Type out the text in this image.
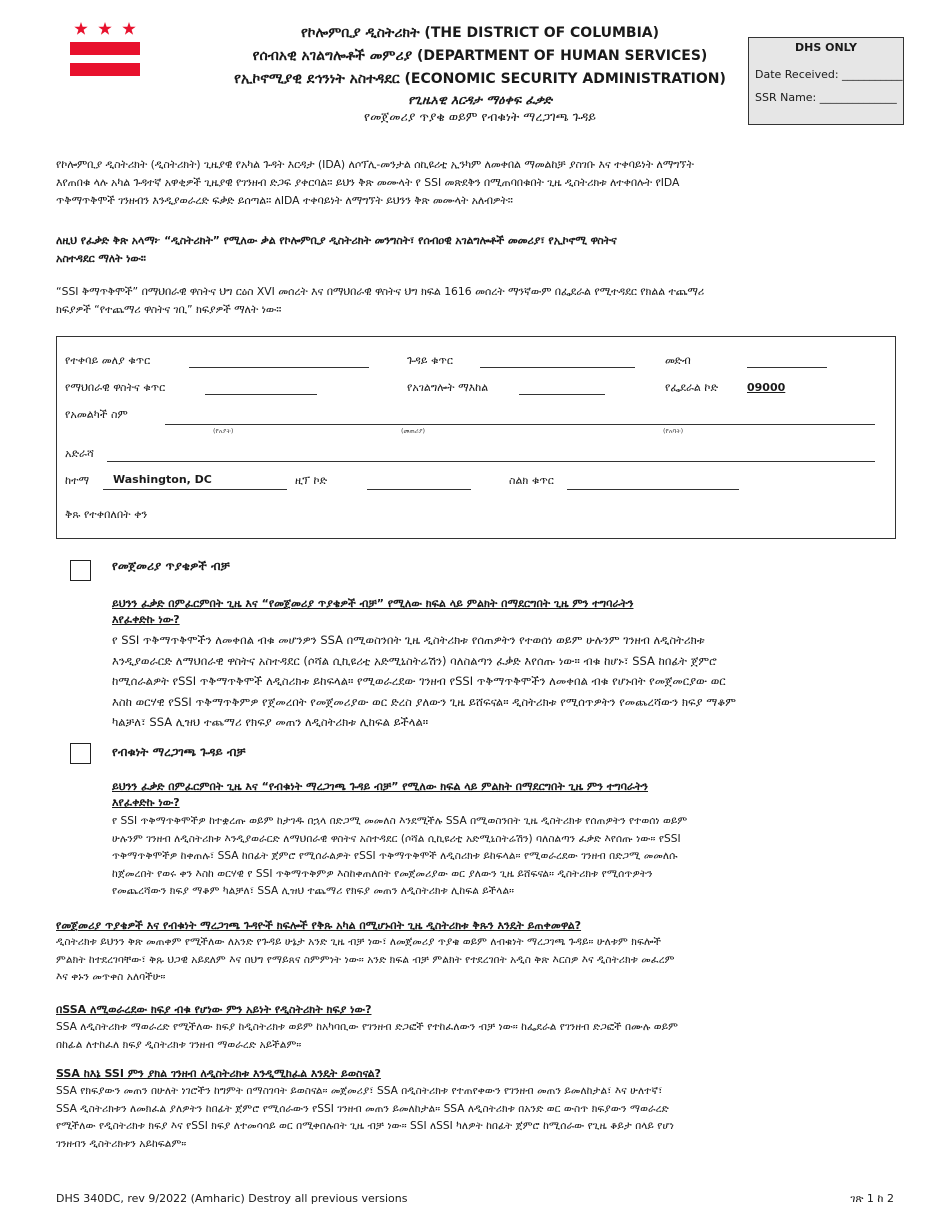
የኮሎምቢያ ዲስትሪክት (THE DISTRICT OF COLUMBIA)
የሰብአዊ አገልግሎቶች መምሪያ (DEPARTMENT OF HUMAN SERVICES)
የኢኮኖሚያዊ ደኅንነት አስተዳደር (ECONOMIC SECURITY ADMINISTRATION)
የጊዜአዊ እርዳታ ማዕቀፍ ፈቃድ
የመጀመሪያ ጥያቄ ወይም የብቁነት ማረጋገጫ ጉዳይ
DHS ONLY
Date Received: ___________
SSR Name: ______________
የኮሎምቢያ ዲስትሪክት (ዲስትሪክት) ጊዜያዊ የአካል ጉዳት እርዳታ (IDA) ለሶፕሊ-መንታል ሰኪዩሪቲ ኢንካም ለመቀበል ማመልከቻ ያስገቡ እና ተቀባይነት ለማግኘት
እየጠበቁ ላሉ አካል ጉዳተኛ አዋቂዎች ጊዜያዊ የገንዘብ ድጋፍ ያቀርባል። ይህን ቅጽ መሙላት የ SSI መጽደቅን በሚጠባበቁበት ጊዜ ዲስትሪክቱ ለተቀበሉት የIDA
ጥቅማጥቅሞች ገንዘብን እንዲያወራረድ ፍቃድ ይሰጣል። ለIDA ተቀባይነት ለማግኘት ይህንን ቅጽ መሙላት አለብዎት።
ለዚህ የፈቃድ ቅጽ አላማ፦ “ዲስትሪክት” የሚለው ቃል የኮሎምቢያ ዲስትሪክት መንግስት፣ የሰብዐዊ አገልግሎቶች መመሪያ፣ የኢኮኖሚ ዋስትና
አስተዳደር ማለት ነው።
“SSI ቅማጥቅሞች” በማህበራዊ ዋስትና ህግ ርዕስ XVI መሰረት እና በማህበራዊ ዋስትና ህግ ክፍል 1616 መሰረት ማንኛውም በፌደራል የሚተዳደር የክልል ተጨማሪ
ክፍያዎች “የተጨማሪ ዋስትና ገቢ” ክፍያዎች ማለት ነው።
የተቀባይ መለያ ቁጥር	ጉዳይ ቁጥር	መድብ
የማህበራዊ ዋስትና ቁጥር	የአገልግሎት ማእከል	የፌደራል ኮድ	09000
የአመልካች ስም
(የአያት)	(መጠሪያ)	(የአባት)
አድራሻ
ከተማ Washington, DC	ዚፕ ኮድ	ስልክ ቁጥር
ቅጹ የተቀበለበት ቀን
የመጀመሪያ ጥያቄዎች ብቻ
ይህንን ፈቃድ በምፈርምበት ጊዜ እና “የመጀመሪያ ጥያቄዎች ብቻ” የሚለው ክፍል ላይ ምልክት በማደርግበት ጊዜ ምን ተግባራትን
እየፈቀድኩ ነው?
የ SSI ጥቅማጥቅሞችን ለመቀበል ብቁ መሆንዎን SSA በሚወስንበት ጊዜ ዲስትሪክቱ የሰጠዎትን የተወሰነ ወይም ሁሉንም ገንዘብ ለዲስትሪክቱ
እንዲያወራርድ ለማህበራዊ ዋስትና አስተዳደር (ሶሻል ሲኪዩሪቲ አድሚኒስትሬሽን) ባለስልጣን ፈቃድ እየሰጡ ነው። ብቁ ከሆኑ፣ SSA ከበፊት ጀምሮ
ከሚሰራልዎት የSSI ጥቅማጥቅሞች ለዲስሪክቱ ይከፍላል። የሚወራረደው ገንዘብ የSSI ጥቅማጥቅሞችን ለመቀበል ብቁ የሆኑበት የመጀመርያው ወር
እስከ ወርሃዊ የSSI ጥቅማጥቅምዎ የጀመረበት የመጀመሪያው ወር ድረስ ያለውን ጊዜ ይሸፍናል። ዲስትሪክቱ የሚሰጥዎትን የመጨረሻውን ክፍያ ማቆም
ካልቻለ፣ SSA ሊዝህ ተጨማሪ የክፍያ መጠን ለዲስትሪክቱ ሊከፍል ይችላል።
የብቁነት ማረጋገጫ ጉዳይ ብቻ
ይህንን ፈቃድ በምፈርምበት ጊዜ እና “የብቁነት ማረጋገጫ ጉዳይ ብቻ” የሚለው ክፍል ላይ ምልክት በማደርግበት ጊዜ ምን ተግባራትን
እየፈቀድኩ ነው?
የ SSI ጥቅማጥቅሞችዎ ከተቋረጡ ወይም ከታገዱ በኋላ በድጋሚ መመለስ እንደሚችሉ SSA በሚወስንበት ጊዜ ዲስትሪክቱ የሰጠዎትን የተወሰነ ወይም
ሁሉንም ገንዘብ ለዲስትሪክቱ እንዲያወራርድ ለማህበራዊ ዋስትና አስተዳደር (ሶሻል ሲኪዩሪቲ አድሚኒስትሬሽን) ባለስልጣን ፈቃድ እየሰጡ ነው። የSSI
ጥቅማጥቅሞችዎ ከቀጠሉ፣ SSA ከበፊት ጀምሮ የሚሰራልዎት የSSI ጥቅማጥቅሞች ለዲስሪክቱ ይከፍላል። የሚወራረደው ገንዘብ በድጋሚ መመለሱ
ከጀመረበት የወሩ ቀን እስከ ወርሃዊ የ SSI ጥቅማጥቅምዎ እስከቀጠለበት የመጀመሪያው ወር ያለውን ጊዜ ይሸፍናል። ዲስትሪክቱ የሚሰጥዎትን
የመጨረሻውን ክፍያ ማቆም ካልቻለ፣ SSA ሊዝህ ተጨማሪ የክፍያ መጠን ለዲስትሪክቱ ሊከፍል ይችላል።
የመጀመሪያ ጥያቄዎች እና የብቁነት ማረጋገጫ ጉዳዮች ክፍሎች የቅጹ አካል በሚሆኑበት ጊዜ ዲስትሪክቱ ቅጹን እንዴት ይጠቀመዋል?
ዲስትሪክቱ ይህንን ቅጽ መጠቀም የሚችለው ለአንድ የጉዳይ ሁኔታ አንድ ጊዜ ብቻ ነው፣ ለመጀመሪያ ጥያቄ ወይም ለብቁነት ማረጋገጫ ጉዳይ። ሁለቱም ክፍሎች
ምልክት ከተደረገባቸው፣ ቅጹ ህጋዊ አይደለም እና በህግ የማይጸና ስምምነት ነው። አንድ ክፍል ብቻ ምልክት የተደረገበት አዲስ ቅጽ እርስዎ እና ዲስትሪክቱ መፈረም
እና ቀኑን መጥቀስ አለባችሁ።
በSSA ለሚወራረደው ክፍያ ብቁ የሆነው ምን አይነት የዲስትሪክት ክፍያ ነው?
SSA ለዲስትሪክቱ ማወራረድ የሚችለው ክፍያ ከዲስትሪክቱ ወይም ከአካባቢው የገንዘብ ድጋፎች የተከፈለውን ብቻ ነው። ከፌደራል የገንዘብ ድጋፎች በሙሉ ወይም
በከፊል ለተከፈለ ክፍያ ዲስትሪክቱ ገንዘብ ማወራረድ አይችልም።
SSA ከእኔ SSI ምን ያክል ገንዘብ ለዲስትሪክቱ እንዲሚከፈል እንዴት ይወስናል?
SSA የክፍያውን መጠን በሁለት ነገሮችን ከግምት በማስገባት ይወስናል። መጀመሪያ፣ SSA በዲስትሪክቱ የተጠየቀውን የገንዘብ መጠን ይመለከታል፣ እና ሁለተኛ፣
SSA ዲስትሪክቱን ለመክፈል ያለዎትን ከበፊት ጀምሮ የሚሰራውን የSSI ገንዘብ መጠን ይመለከታል። SSA ለዲስትሪክቱ በአንድ ወር ውስጥ ክፍያውን ማወራረድ
የሚችለው የዲስትሪክቱ ክፍያ እና የSSI ክፍያ ለተመሳሳይ ወር በሚቀበሉበት ጊዜ ብቻ ነው። SSI ለSSI ካለዎት ከበፊት ጀምሮ ከሚሰራው የጊዜ ቆይታ በላይ የሆነ
ገንዘብን ዲስትሪክቱን አይከፍልም።
DHS 340DC, rev 9/2022 (Amharic) Destroy all previous versions	ገጽ 1 ከ 2
